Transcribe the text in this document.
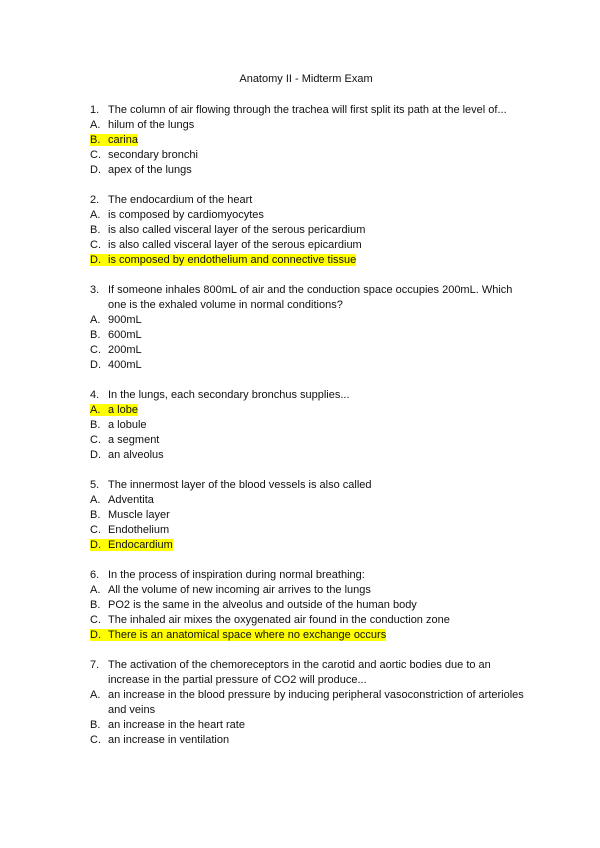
Anatomy II - Midterm Exam
1. The column of air flowing through the trachea will first split its path at the level of...
A. hilum of the lungs
B. carina
C. secondary bronchi
D. apex of the lungs
2. The endocardium of the heart
A. is composed by cardiomyocytes
B. is also called visceral layer of the serous pericardium
C. is also called visceral layer of the serous epicardium
D. is composed by endothelium and connective tissue
3. If someone inhales 800mL of air and the conduction space occupies 200mL. Which one is the exhaled volume in normal conditions?
A. 900mL
B. 600mL
C. 200mL
D. 400mL
4. In the lungs, each secondary bronchus supplies...
A. a lobe
B. a lobule
C. a segment
D. an alveolus
5. The innermost layer of the blood vessels is also called
A. Adventita
B. Muscle layer
C. Endothelium
D. Endocardium
6. In the process of inspiration during normal breathing:
A. All the volume of new incoming air arrives to the lungs
B. PO2 is the same in the alveolus and outside of the human body
C. The inhaled air mixes the oxygenated air found in the conduction zone
D. There is an anatomical space where no exchange occurs
7. The activation of the chemoreceptors in the carotid and aortic bodies due to an increase in the partial pressure of CO2 will produce...
A. an increase in the blood pressure by inducing peripheral vasoconstriction of arterioles and veins
B. an increase in the heart rate
C. an increase in ventilation
